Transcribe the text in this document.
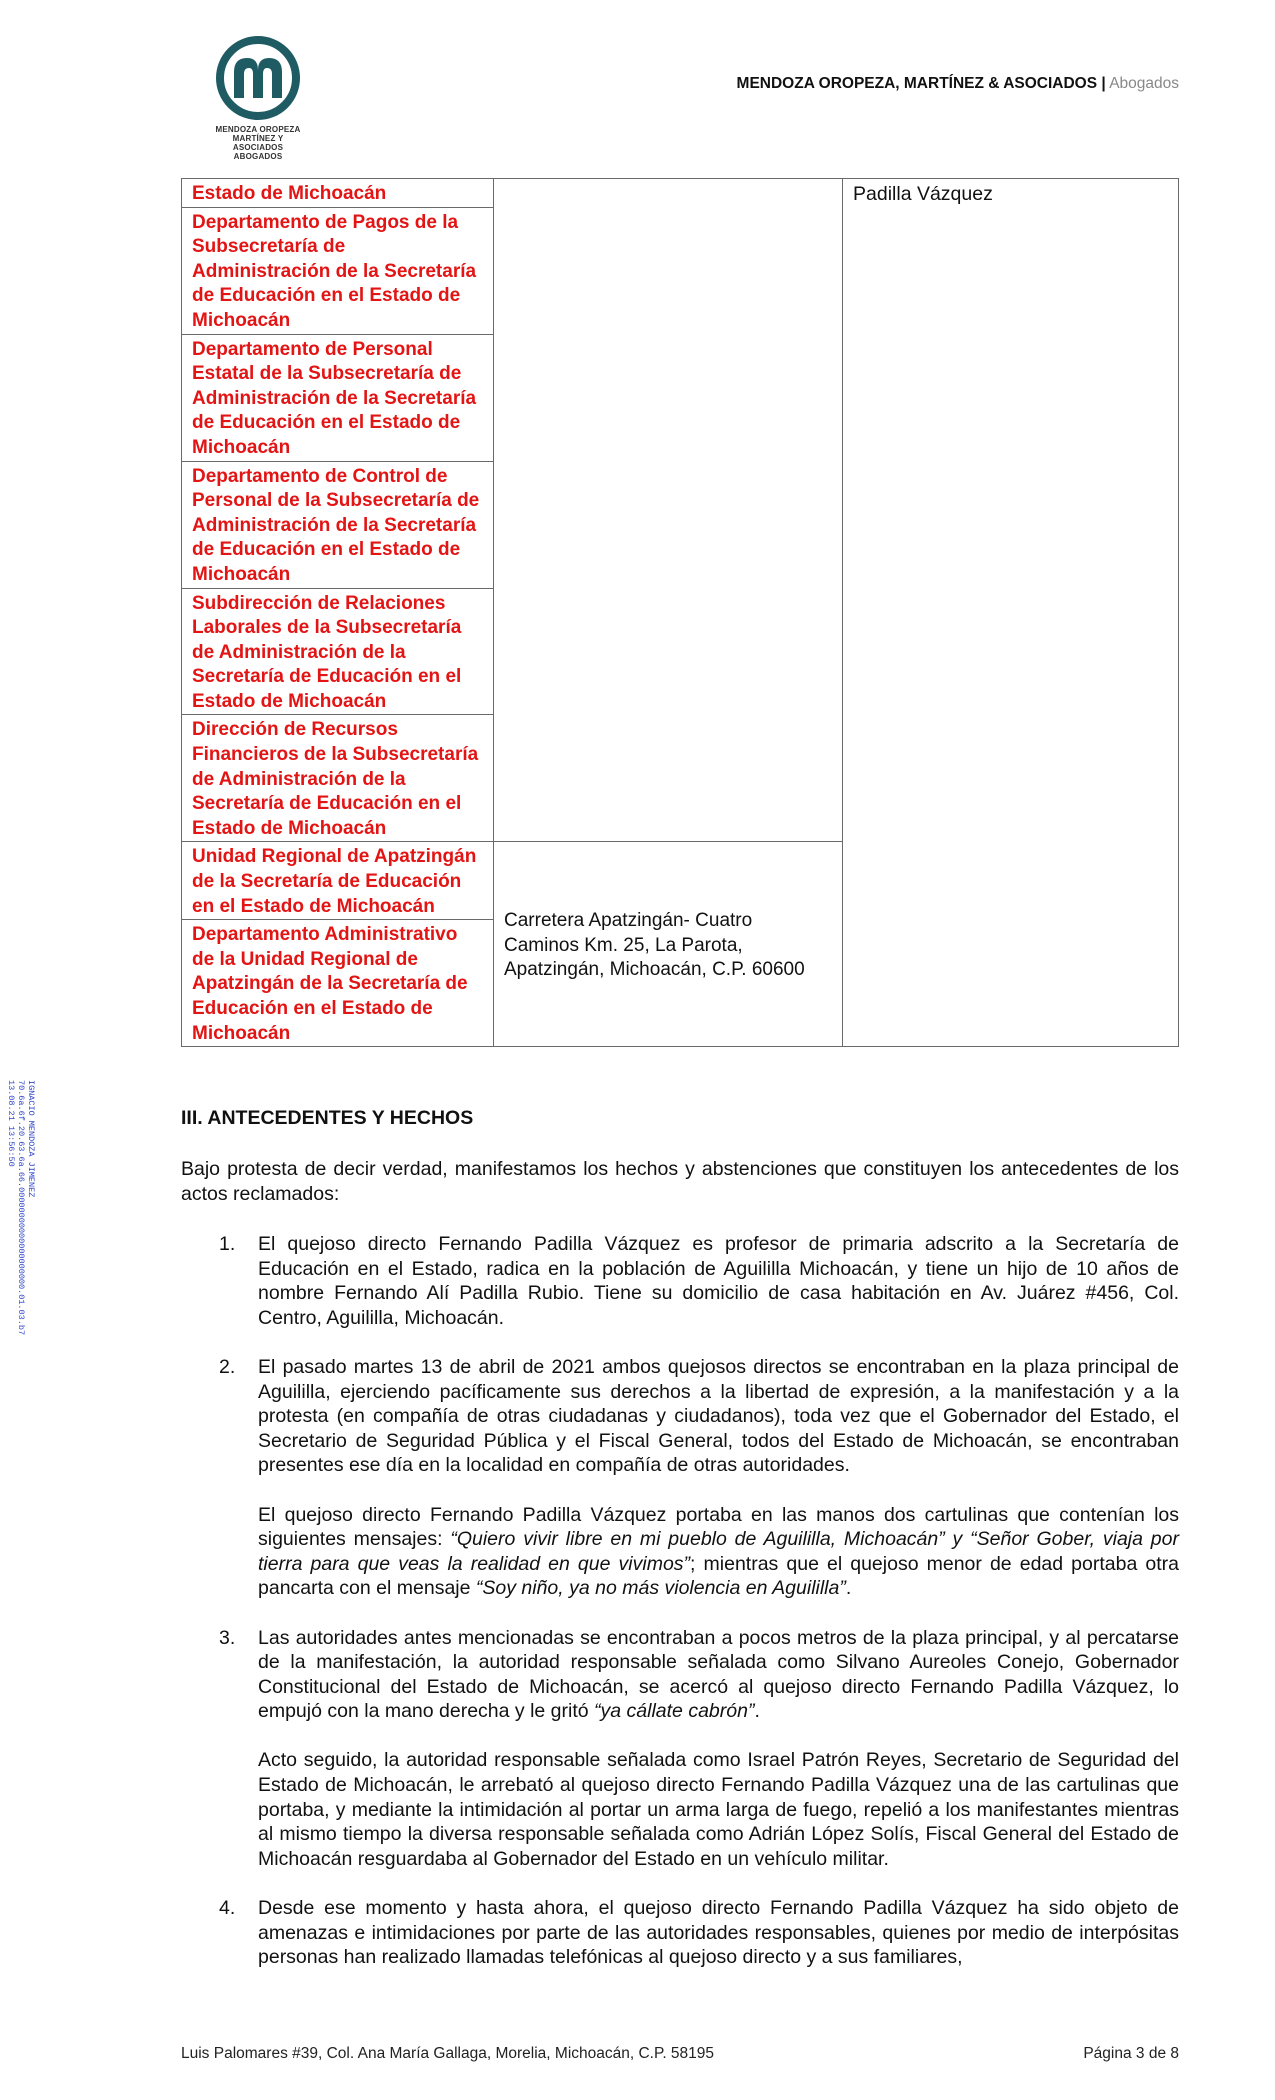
MENDOZA OROPEZA
MARTÍNEZ Y ASOCIADOS
ABOGADOS
MENDOZA OROPEZA, MARTÍNEZ & ASOCIADOS | Abogados
Estado de Michoacán		Padilla Vázquez
Departamento de Pagos de la Subsecretaría de Administración de la Secretaría de Educación en el Estado de Michoacán		
Departamento de Personal Estatal de la Subsecretaría de Administración de la Secretaría de Educación en el Estado de Michoacán		
Departamento de Control de Personal de la Subsecretaría de Administración de la Secretaría de Educación en el Estado de Michoacán		
Subdirección de Relaciones Laborales de la Subsecretaría de Administración de la Secretaría de Educación en el Estado de Michoacán		
Dirección de Recursos Financieros de la Subsecretaría de Administración de la Secretaría de Educación en el Estado de Michoacán		
Unidad Regional de Apatzingán de la Secretaría de Educación en el Estado de Michoacán	Carretera Apatzingán- Cuatro Caminos Km. 25, La Parota, Apatzingán, Michoacán, C.P. 60600	
Departamento Administrativo de la Unidad Regional de Apatzingán de la Secretaría de Educación en el Estado de Michoacán		
III. ANTECEDENTES Y HECHOS
Bajo protesta de decir verdad, manifestamos los hechos y abstenciones que constituyen los antecedentes de los actos reclamados:
1. El quejoso directo Fernando Padilla Vázquez es profesor de primaria adscrito a la Secretaría de Educación en el Estado, radica en la población de Aguililla Michoacán, y tiene un hijo de 10 años de nombre Fernando Alí Padilla Rubio. Tiene su domicilio de casa habitación en Av. Juárez #456, Col. Centro, Aguililla, Michoacán.

2. El pasado martes 13 de abril de 2021 ambos quejosos directos se encontraban en la plaza principal de Aguililla, ejerciendo pacíficamente sus derechos a la libertad de expresión, a la manifestación y a la protesta (en compañía de otras ciudadanas y ciudadanos), toda vez que el Gobernador del Estado, el Secretario de Seguridad Pública y el Fiscal General, todos del Estado de Michoacán, se encontraban presentes ese día en la localidad en compañía de otras autoridades.

El quejoso directo Fernando Padilla Vázquez portaba en las manos dos cartulinas que contenían los siguientes mensajes: “Quiero vivir libre en mi pueblo de Aguililla, Michoacán” y “Señor Gober, viaja por tierra para que veas la realidad en que vivimos”; mientras que el quejoso menor de edad portaba otra pancarta con el mensaje “Soy niño, ya no más violencia en Aguililla”.

3. Las autoridades antes mencionadas se encontraban a pocos metros de la plaza principal, y al percatarse de la manifestación, la autoridad responsable señalada como Silvano Aureoles Conejo, Gobernador Constitucional del Estado de Michoacán, se acercó al quejoso directo Fernando Padilla Vázquez, lo empujó con la mano derecha y le gritó “ya cállate cabrón”.

Acto seguido, la autoridad responsable señalada como Israel Patrón Reyes, Secretario de Seguridad del Estado de Michoacán, le arrebató al quejoso directo Fernando Padilla Vázquez una de las cartulinas que portaba, y mediante la intimidación al portar un arma larga de fuego, repelió a los manifestantes mientras al mismo tiempo la diversa responsable señalada como Adrián López Solís, Fiscal General del Estado de Michoacán resguardaba al Gobernador del Estado en un vehículo militar.

4. Desde ese momento y hasta ahora, el quejoso directo Fernando Padilla Vázquez ha sido objeto de amenazas e intimidaciones por parte de las autoridades responsables, quienes por medio de interpósitas personas han realizado llamadas telefónicas al quejoso directo y a sus familiares,

IGNACIO MENDOZA JIMENEZ
70.6a.6f.20.63.6a.66.00000000000000000000.01.03.b7
13.08.21 13:56:50
Luis Palomares #39, Col. Ana María Gallaga, Morelia, Michoacán, C.P. 58195	Página 3 de 8
